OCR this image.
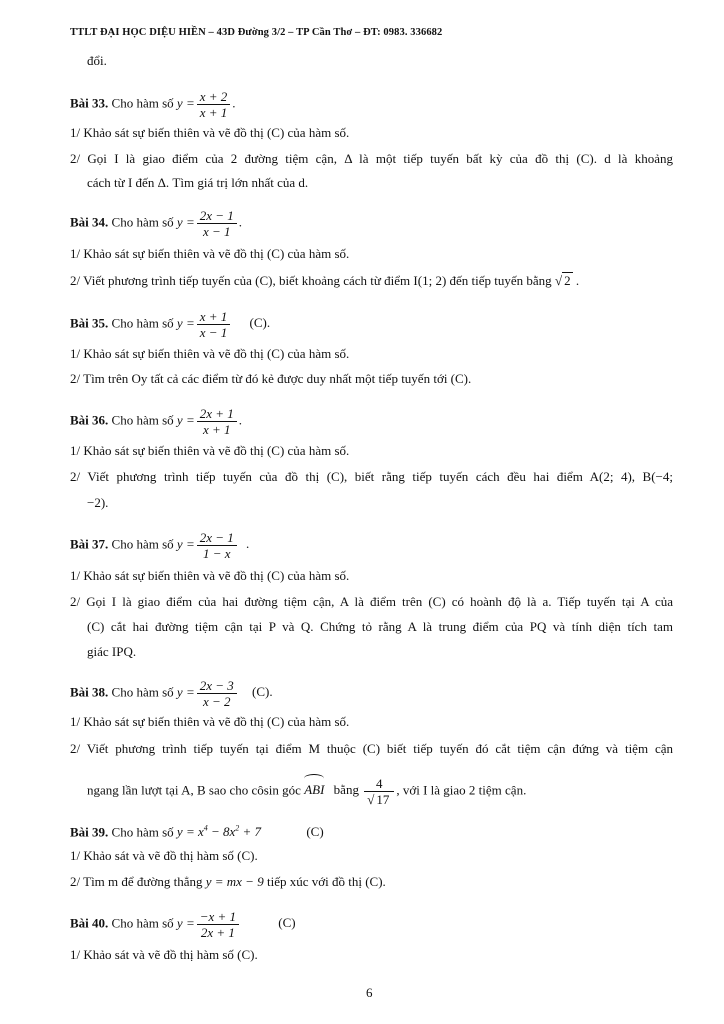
TTLT ĐẠI HỌC DIỆU HIỀN – 43D Đường 3/2 – TP Cần Thơ – ĐT: 0983. 336682
đổi.
Bài 33. Cho hàm số $y = \frac{x + 2}{x + 1}$ .
1/ Khảo sát sự biến thiên và vẽ đồ thị (C) của hàm số.
2/ Gọi I là giao điểm của 2 đường tiệm cận, Δ là một tiếp tuyến bất kỳ của đồ thị (C). d là khoảng
cách từ I đến Δ. Tìm giá trị lớn nhất của d.
Bài 34. Cho hàm số $y = \frac{2x - 1}{x - 1}$ .
1/ Khảo sát sự biến thiên và vẽ đồ thị (C) của hàm số.
2/ Viết phương trình tiếp tuyến của (C), biết khoảng cách từ điểm I(1; 2) đến tiếp tuyến bằng √ 2 .
Bài 35. Cho hàm số $y = \frac{x + 1}{x - 1} (C)$.
1/ Khảo sát sự biến thiên và vẽ đồ thị (C) của hàm số.
2/ Tìm trên Oy tất cả các điểm từ đó kẻ được duy nhất một tiếp tuyến tới (C).
Bài 36. Cho hàm số $y = \frac{2x + 1}{x + 1}$ .
1/ Khảo sát sự biến thiên và vẽ đồ thị (C) của hàm số.
2/ Viết phương trình tiếp tuyến của đồ thị (C), biết rằng tiếp tuyến cách đều hai điểm A(2; 4), B(−4;
−2).
Bài 37. Cho hàm số $y = \frac{2x - 1}{1 - x}$ .
1/ Khảo sát sự biến thiên và vẽ đồ thị (C) của hàm số.
2/ Gọi I là giao điểm của hai đường tiệm cận, A là điểm trên (C) có hoành độ là a. Tiếp tuyến tại A của
(C) cắt hai đường tiệm cận tại P và Q. Chứng tỏ rằng A là trung điểm của PQ và tính diện tích tam
giác IPQ.
Bài 38. Cho hàm số $y = \frac{2x - 3}{x - 2} (C)$.
1/ Khảo sát sự biến thiên và vẽ đồ thị (C) của hàm số.
2/ Viết phương trình tiếp tuyến tại điểm M thuộc (C) biết tiếp tuyến đó cắt tiệm cận đứng và tiệm cận
ngang lần lượt tại A, B sao cho côsin góc ABI bằng $\frac{4}{√ 17}$ , với I là giao 2 tiệm cận.
Bài 39. Cho hàm số $y = x^4 - 8x^2 + 7$	(C)
1/ Khảo sát và vẽ đồ thị hàm số (C).
2/ Tìm m để đường thẳng y = mx − 9 tiếp xúc với đồ thị (C).
Bài 40. Cho hàm số $y = \frac{-x + 1}{2x + 1}$	(C)
1/ Khảo sát và vẽ đồ thị hàm số (C).
6
